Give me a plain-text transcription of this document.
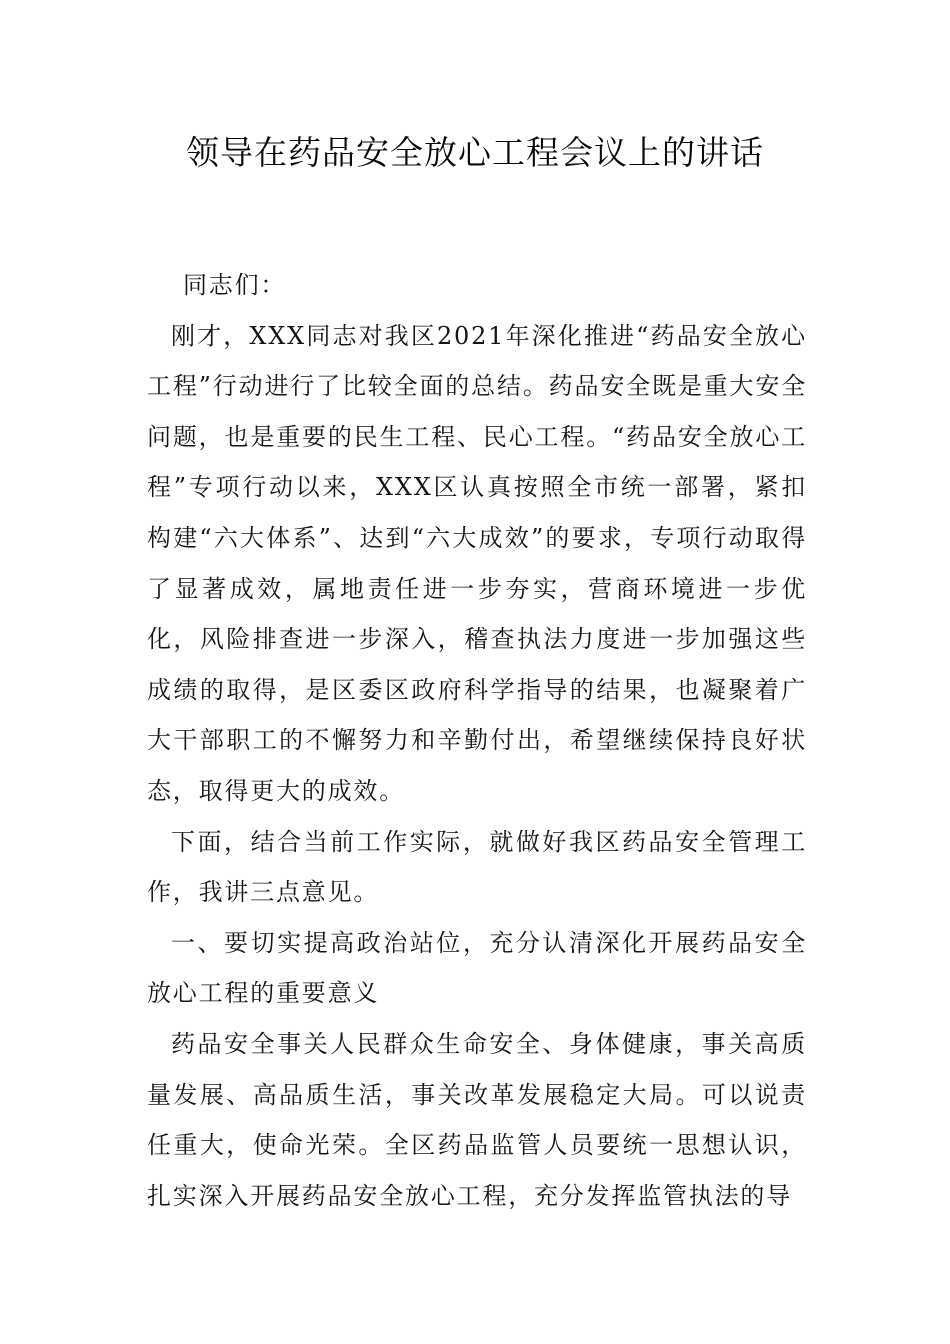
领导在药品安全放心工程会议上的讲话

同志们：

刚才，XXX同志对我区2021年深化推进“药品安全放心工程”行动进行了比较全面的总结。药品安全既是重大安全问题，也是重要的民生工程、民心工程。“药品安全放心工程”专项行动以来，XXX区认真按照全市统一部署，紧扣构建“六大体系”、达到“六大成效”的要求，专项行动取得了显著成效，属地责任进一步夯实，营商环境进一步优化，风险排查进一步深入，稽查执法力度进一步加强这些成绩的取得，是区委区政府科学指导的结果，也凝聚着广大干部职工的不懈努力和辛勤付出，希望继续保持良好状态，取得更大的成效。

下面，结合当前工作实际，就做好我区药品安全管理工作，我讲三点意见。

一、要切实提高政治站位，充分认清深化开展药品安全放心工程的重要意义

药品安全事关人民群众生命安全、身体健康，事关高质量发展、高品质生活，事关改革发展稳定大局。可以说责任重大，使命光荣。全区药品监管人员要统一思想认识，扎实深入开展药品安全放心工程，充分发挥监管执法的导
